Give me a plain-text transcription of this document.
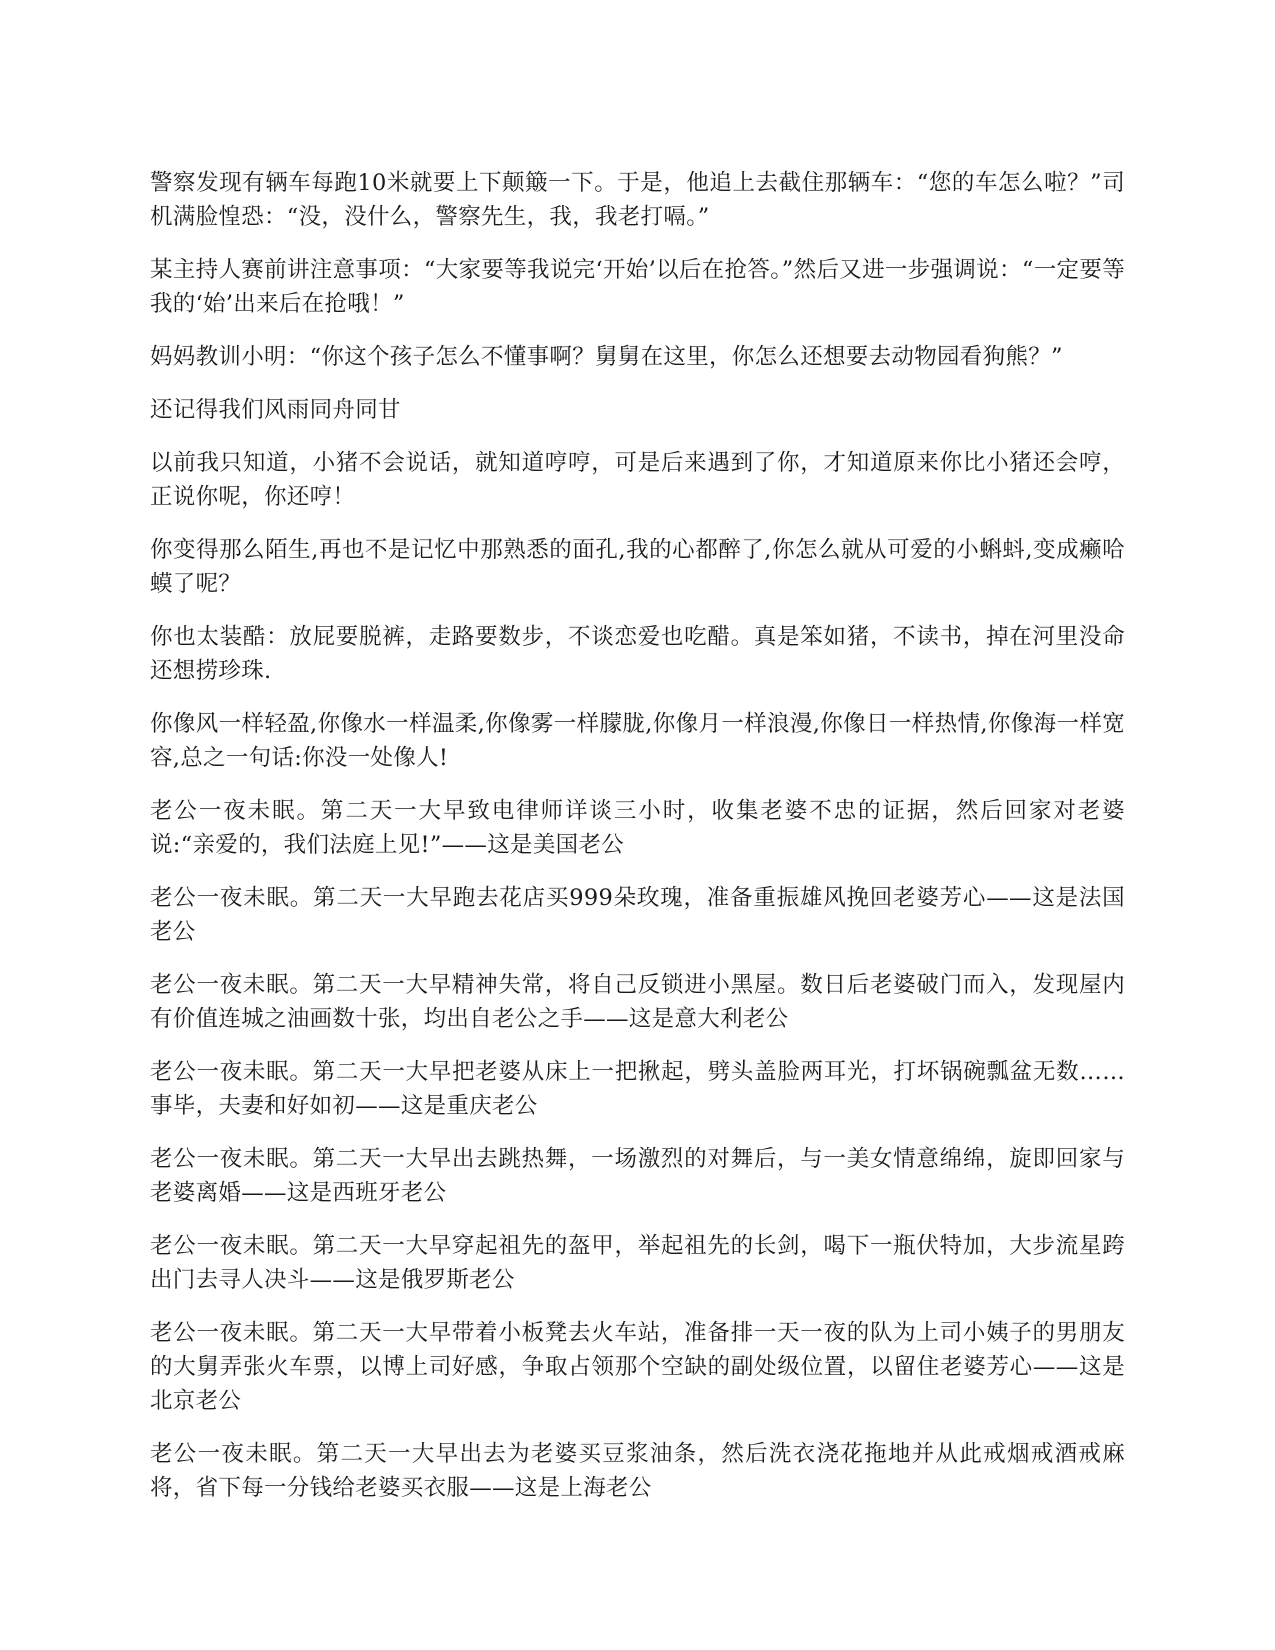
警察发现有辆车每跑10米就要上下颠簸一下。于是，他追上去截住那辆车：“您的车怎么啦？”司机满脸惶恐：“没，没什么，警察先生，我，我老打嗝。”

某主持人赛前讲注意事项：“大家要等我说完‘开始’以后在抢答。”然后又进一步强调说：“一定要等我的‘始’出来后在抢哦！”

妈妈教训小明：“你这个孩子怎么不懂事啊？舅舅在这里，你怎么还想要去动物园看狗熊？”

还记得我们风雨同舟同甘

以前我只知道，小猪不会说话，就知道哼哼，可是后来遇到了你，才知道原来你比小猪还会哼，正说你呢，你还哼！

你变得那么陌生,再也不是记忆中那熟悉的面孔,我的心都醉了,你怎么就从可爱的小蝌蚪,变成癞哈蟆了呢？

你也太装酷：放屁要脱裤，走路要数步，不谈恋爱也吃醋。真是笨如猪，不读书，掉在河里没命还想捞珍珠.

你像风一样轻盈,你像水一样温柔,你像雾一样朦胧,你像月一样浪漫,你像日一样热情,你像海一样宽容,总之一句话:你没一处像人!

老公一夜未眠。第二天一大早致电律师详谈三小时，收集老婆不忠的证据，然后回家对老婆说:“亲爱的，我们法庭上见!”——这是美国老公

老公一夜未眠。第二天一大早跑去花店买999朵玫瑰，准备重振雄风挽回老婆芳心——这是法国老公

老公一夜未眠。第二天一大早精神失常，将自己反锁进小黑屋。数日后老婆破门而入，发现屋内有价值连城之油画数十张，均出自老公之手——这是意大利老公

老公一夜未眠。第二天一大早把老婆从床上一把揪起，劈头盖脸两耳光，打坏锅碗瓢盆无数……事毕，夫妻和好如初——这是重庆老公

老公一夜未眠。第二天一大早出去跳热舞，一场激烈的对舞后，与一美女情意绵绵，旋即回家与老婆离婚——这是西班牙老公

老公一夜未眠。第二天一大早穿起祖先的盔甲，举起祖先的长剑，喝下一瓶伏特加，大步流星跨出门去寻人决斗——这是俄罗斯老公

老公一夜未眠。第二天一大早带着小板凳去火车站，准备排一天一夜的队为上司小姨子的男朋友的大舅弄张火车票，以博上司好感，争取占领那个空缺的副处级位置，以留住老婆芳心——这是北京老公

老公一夜未眠。第二天一大早出去为老婆买豆浆油条，然后洗衣浇花拖地并从此戒烟戒酒戒麻将，省下每一分钱给老婆买衣服——这是上海老公
